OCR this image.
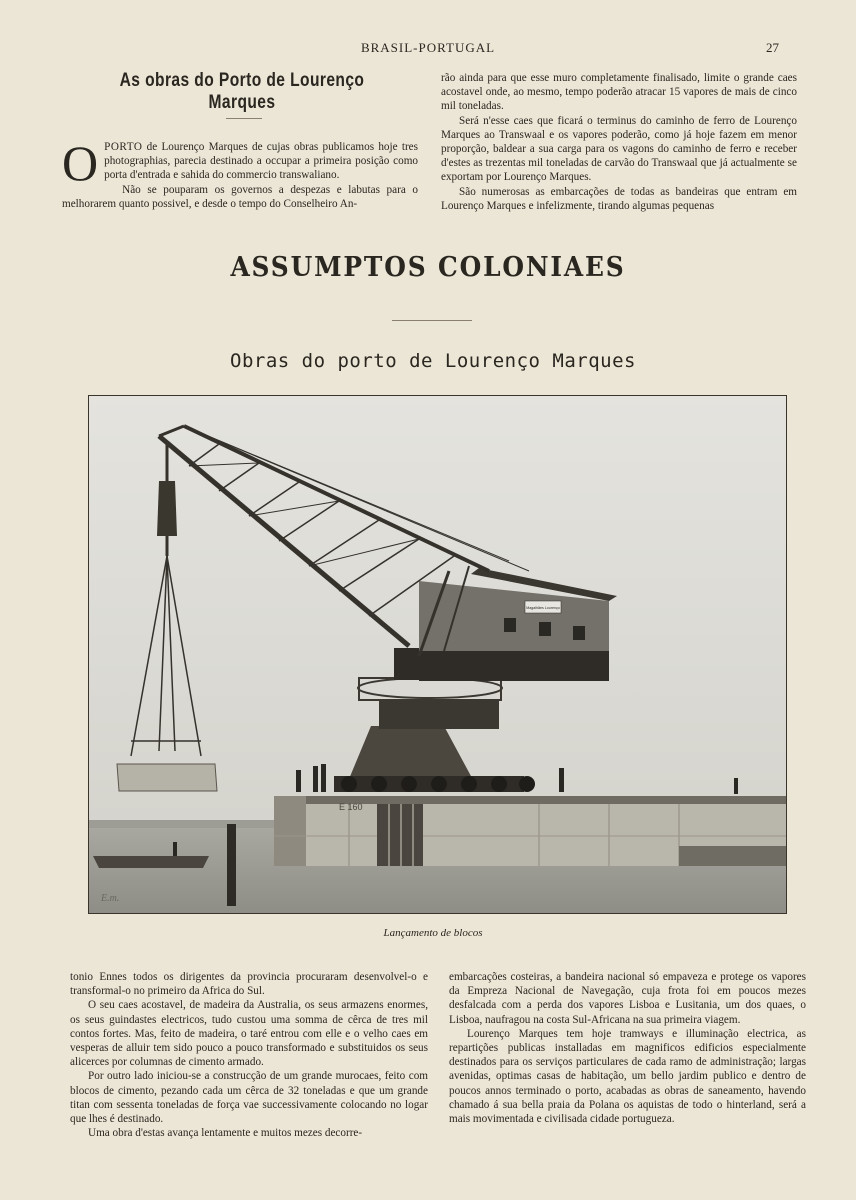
BRASIL-PORTUGAL	27
As obras do Porto de Lourenço Marques

OPORTO de Lourenço Marques de cujas obras publicamos hoje tres photographias, parecia destinado a occupar a primeira posição como porta d'entrada e sahida do commercio transwaliano.

Não se pouparam os governos a despezas e labutas para o melhorarem quanto possivel, e desde o tempo do Conselheiro An-

rão ainda para que esse muro completamente finalisado, limite o grande caes acostavel onde, ao mesmo, tempo poderão atracar 15 vapores de mais de cinco mil toneladas.

Será n'esse caes que ficará o terminus do caminho de ferro de Lourenço Marques ao Transwaal e os vapores poderão, como já hoje fazem em menor proporção, baldear a sua carga para os vagons do caminho de ferro e receber d'estes as trezentas mil toneladas de carvão do Transwaal que já actualmente se exportam por Lourenço Marques.

São numerosas as embarcações de todas as bandeiras que entram em Lourenço Marques e infelizmente, tirando algumas pequenas

ASSUMPTOS COLONIAES
Obras do porto de Lourenço Marques
E 160
Magalhães Lourenço
E.m.
Lançamento de blocos

tonio Ennes todos os dirigentes da provincia procuraram desenvolvel-o e transformal-o no primeiro da Africa do Sul.

O seu caes acostavel, de madeira da Australia, os seus armazens enormes, os seus guindastes electricos, tudo custou uma somma de cêrca de tres mil contos fortes. Mas, feito de madeira, o taré entrou com elle e o velho caes em vesperas de alluir tem sido pouco a pouco transformado e substituidos os seus alicerces por columnas de cimento armado.

Por outro lado iniciou-se a construcção de um grande murocaes, feito com blocos de cimento, pezando cada um cêrca de 32 toneladas e que um grande titan com sessenta toneladas de força vae successivamente colocando no logar que lhes é destinado.

Uma obra d'estas avança lentamente e muitos mezes decorre-

embarcações costeiras, a bandeira nacional só empaveza e protege os vapores da Empreza Nacional de Navegação, cuja frota foi em poucos mezes desfalcada com a perda dos vapores Lisboa e Lusitania, um dos quaes, o Lisboa, naufragou na costa Sul-Africana na sua primeira viagem.

Lourenço Marques tem hoje tramways e illuminação electrica, as repartições publicas installadas em magnificos edificios especialmente destinados para os serviços particulares de cada ramo de administração; largas avenidas, optimas casas de habitação, um bello jardim publico e dentro de poucos annos terminado o porto, acabadas as obras de saneamento, havendo chamado á sua bella praia da Polana os aquistas de todo o hinterland, será a mais movimentada e civilisada cidade portugueza.
